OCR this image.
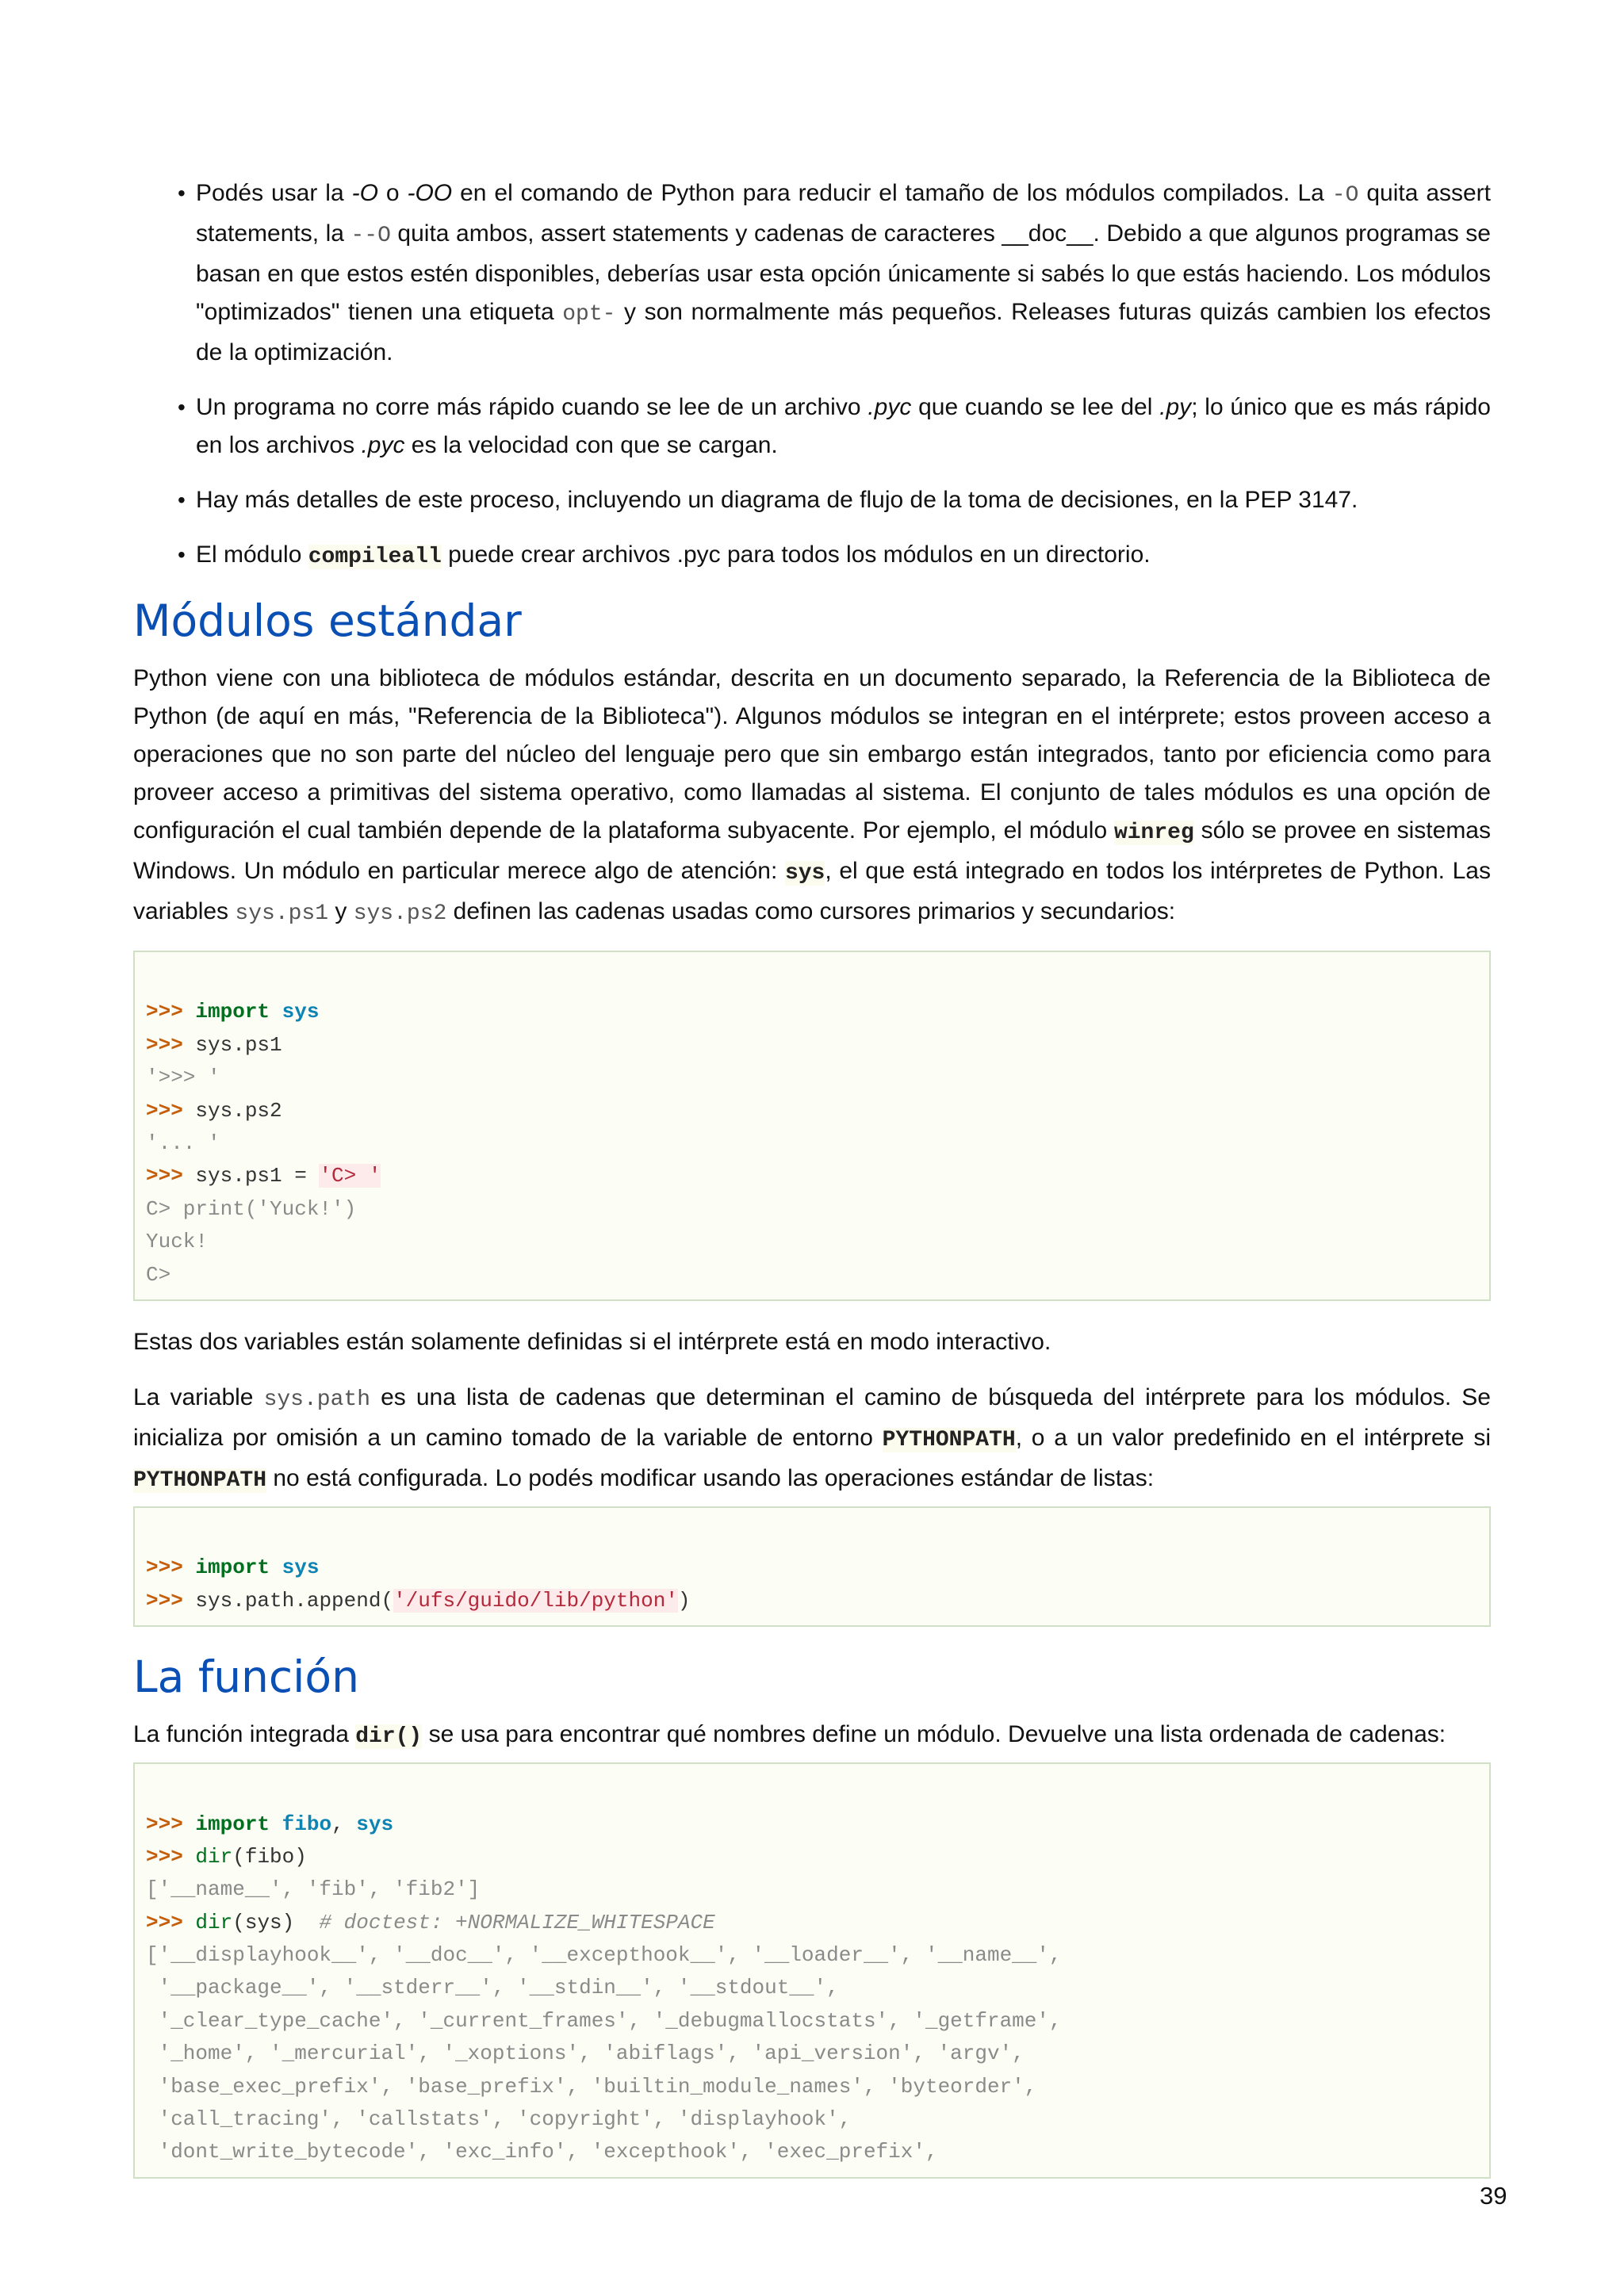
• Podés usar la -O o -OO en el comando de Python para reducir el tamaño de los módulos compilados. La -O quita assert statements, la --O quita ambos, assert statements y cadenas de caracteres __doc__. Debido a que algunos programas se basan en que estos estén disponibles, deberías usar esta opción únicamente si sabés lo que estás haciendo. Los módulos "optimizados" tienen una etiqueta opt- y son normalmente más pequeños. Releases futuras quizás cambien los efectos de la optimización.
• Un programa no corre más rápido cuando se lee de un archivo .pyc que cuando se lee del .py; lo único que es más rápido en los archivos .pyc es la velocidad con que se cargan.
• Hay más detalles de este proceso, incluyendo un diagrama de flujo de la toma de decisiones, en la PEP 3147.
• El módulo compileall puede crear archivos .pyc para todos los módulos en un directorio.
Módulos estándar

Python viene con una biblioteca de módulos estándar, descrita en un documento separado, la Referencia de la Biblioteca de Python (de aquí en más, "Referencia de la Biblioteca"). Algunos módulos se integran en el intérprete; estos proveen acceso a operaciones que no son parte del núcleo del lenguaje pero que sin embargo están integrados, tanto por eficiencia como para proveer acceso a primitivas del sistema operativo, como llamadas al sistema. El conjunto de tales módulos es una opción de configuración el cual también depende de la plataforma subyacente. Por ejemplo, el módulo winreg sólo se provee en sistemas Windows. Un módulo en particular merece algo de atención: sys, el que está integrado en todos los intérpretes de Python. Las variables sys.ps1 y sys.ps2 definen las cadenas usadas como cursores primarios y secundarios:

>>> import sys
>>> sys.ps1
'>>> '
>>> sys.ps2
'... '
>>> sys.ps1 = 'C> '
C> print('Yuck!')
Yuck!
C>

Estas dos variables están solamente definidas si el intérprete está en modo interactivo.

La variable sys.path es una lista de cadenas que determinan el camino de búsqueda del intérprete para los módulos. Se inicializa por omisión a un camino tomado de la variable de entorno PYTHONPATH, o a un valor predefinido en el intérprete si PYTHONPATH no está configurada. Lo podés modificar usando las operaciones estándar de listas:

>>> import sys
>>> sys.path.append('/ufs/guido/lib/python')
La función

La función integrada dir() se usa para encontrar qué nombres define un módulo. Devuelve una lista ordenada de cadenas:

>>> import fibo, sys
>>> dir(fibo)
['__name__', 'fib', 'fib2']
>>> dir(sys)  # doctest: +NORMALIZE_WHITESPACE
['__displayhook__', '__doc__', '__excepthook__', '__loader__', '__name__',
'__package__', '__stderr__', '__stdin__', '__stdout__',
'_clear_type_cache', '_current_frames', '_debugmallocstats', '_getframe',
'_home', '_mercurial', '_xoptions', 'abiflags', 'api_version', 'argv',
'base_exec_prefix', 'base_prefix', 'builtin_module_names', 'byteorder',
'call_tracing', 'callstats', 'copyright', 'displayhook',
'dont_write_bytecode', 'exc_info', 'excepthook', 'exec_prefix',
39
